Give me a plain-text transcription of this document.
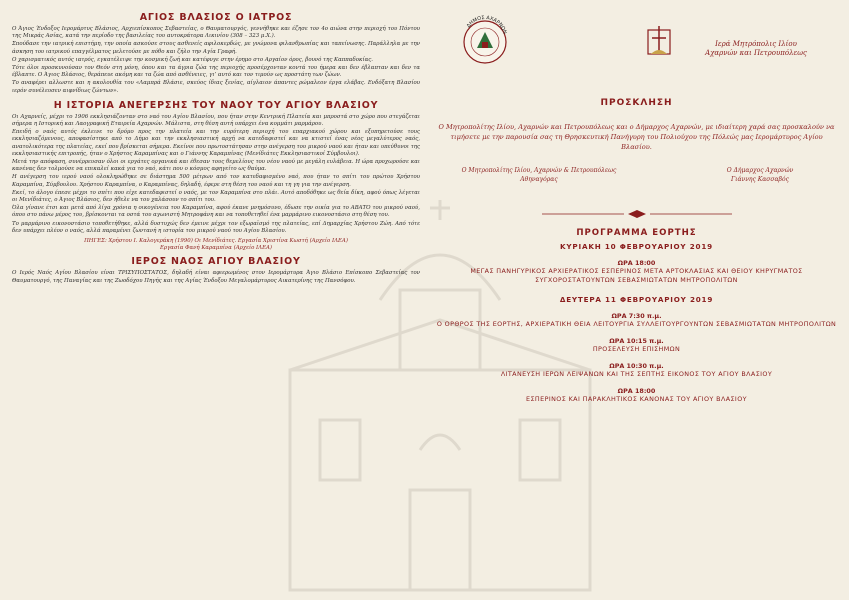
ΑΓΙΟΣ ΒΛΑΣΙΟΣ Ο ΙΑΤΡΟΣ

Ο Άγιος Ένδοξος Ιερομάρτυς Βλάσιος, Αρχιεπίσκοπος Σεβαστείας, ο Θαυματουργός, γεννήθηκε και έζησε τον 4ο αιώνα στην περιοχή του Πόντου της Μικράς Ασίας, κατά την περίοδο της βασιλείας του αυτοκράτορα Λικινίου (308 – 323 μ.Χ.).

Σπούδασε την ιατρική επιστήμη, την οποία ασκούσε στους ασθενείς αφιλοκερδώς, με γνώμονα φιλανθρωπίας και ταπείνωσης. Παράλληλα με την άσκηση του ιατρικού επαγγέλματος μελετούσε με πόθο και ζήλο την Αγία Γραφή.

Ο χαρισματικός αυτός ιατρός, εγκατέλειψε την κοσμική ζωή και κατέφυγε στην έρημο στο Αργαίον όρος, βουνό της Καππαδοκίας.

Τότε όλοι προσκυνούσαν τον Θεόν στη μόνη, όπου και τα άγρια ζώα της περιοχής προσέρχονταν κοντά του ήμερα και δεν έβλαπταν και δεν τα έβλαπτε. Ο Άγιος Βλάσιος, θεράπευε ακόμη και τα ζώα από ασθένειες, γι’ αυτό και τον τιμούν ως προστάτη των ζώων.

Το αναφέρει αλλωστε και η ακολουθία του «Λαμπρά Βλάσιε, σκεύος ίδιας ξενίας, αίγλαιον άπαντες ρώμαλεον έργα ελάβας. Ενδόξατη Βλασίου ιερόν συνέλευσεν αιφνίδιως ζώντων».

Η ΙΣΤΟΡΙΑ ΑΝΕΓΕΡΣΗΣ ΤΟΥ ΝΑΟΥ ΤΟΥ ΑΓΙΟΥ ΒΛΑΣΙΟΥ

Οι Αχαρνείς, μέχρι το 1906 εκκλησιάζονταν στο ναό του Αγίου Βλασίου, που ήταν στην Κεντρική Πλατεία και μπροστά στο χώρο που στεγάζεται σήμερα η Ιστορική και Λαογραφική Εταιρεία Αχαρνών. Μάλιστα, στη θέση αυτή υπάρχει ένα κομμάτι μαρμάρου.

Επειδή ο ναός αυτός έκλεινε το δρόμο προς την πλατεία και την ευρύτερη περιοχή του επαρχιακού χώρου και εξυπηρετούσε τους εκκλησιαζόμενους, αποφασίστηκε από το Δήμο και την εκκλησιαστική αρχή να κατεδαφιστεί και να κτιστεί ένας νέος μεγαλύτερος ναός, ανατολικότερα της πλατείας, εκεί που βρίσκεται σήμερα. Εκείνοι που πρωτοστάτησαν στην ανέγερση του μικρού ναού και ήταν και υπεύθυνοι της εκκλησιαστικής επιτροπής, ήταν ο Χρήστος Καραμπίνας και ο Γιάννης Καραμπίνας (Μενίδιάτες Εκκλησιαστικοί Σύμβουλοι).

Μετά την απόφαση, συνέρρευσαν όλοι οι εργάτες οργανικά και έθεσαν τους θεμελίους του νέου ναού με μεγάλη ευλάβεια. Η ώρα προχωρούσε και κανένας δεν τολμούσε να επικαλεί κακά για το ναό, κάτι που ο κόσμος αφηγείτο ως θαύμα.

Η ανέγερση του ιερού ναού ολοκληρώθηκε σε διάστημα 500 μέτρων από τον κατεδαφισμένο ναό, που ήταν το σπίτι του πρώτου Χρήστου Καραμπίνα, Σύμβουλου. Χρήστου Καραμπίνα, ο Καραμπίνας, δηλαδή, έφερε στη θέση του ναού και τη γη για την ανέγερση.

Εκεί, το άλογο έπεσε μέχρι το σπίτι που είχε κατεδαφιστεί ο ναός, με τον Καραμπίνα στο πλάι. Αυτό αποδόθηκε ως θεία δίκη, αφού όπως λέγεται οι Μενίδιάτες, ο Άγιος Βλάσιος, δεν ήθελε να του χαλάσουν το σπίτι του.

Όλα γίνανε έτσι και μετά από λίγα χρόνια η οικογένεια του Καραμπίνα, αφού έκανε μνημόσυνο, έδωσε την οικία για το ΑΒΑΤΟ του μικρού ναού, όπου στο πάνω μέρος του, βρίσκονται τα οστά του αγωνιστή Μητροφάνη και να τοποθετηθεί ένα μαρμάρινο εικονοστάσιο στη θέση του.

Το μαρμάρινο εικονοστάσιο τοποθετήθηκε, αλλά δυστυχώς δεν έμεινε μέχρι τον εξωραϊσμό της πλατείας, επί Δημαρχίας Χρήστου Ζώη. Από τότε δεν υπάρχει πλέον ο ναός, αλλά παραμένει ζωντανή η ιστορία του μικρού ναού του Αγίου Βλασίου.

ΠΗΓΕΣ: Χρήστου Ι. Καλογεράκη (1990) Οι Μενίδιάτες. Εργασία Χριστίνα Κωστή (Αρχείο ΙΛΕΑ)
Εργασία Φανή Καραμπίνα (Αρχείο ΙΛΕΑ)
ΙΕΡΟΣ ΝΑΟΣ ΑΓΙΟΥ ΒΛΑΣΙΟΥ

Ο Ιερός Ναός Αγίου Βλασίου είναι ΤΡΙΣΥΠΟΣΤΑΤΟΣ, δηλαδή είναι αφιερωμένος στον Ιερομάρτυρα Άγιο Βλάσιο Επίσκοπο Σεβαστείας τον Θαυματουργό, της Παναγίας και της Ζωοδόχου Πηγής και της Αγίας Ένδοξου Μεγαλομάρτυρος Αικατερίνης της Πανσόφου.

ΔΗΜΟΣ ΑΧΑΡΝΩΝ
Ιερά Μητρόπολις Ιλίου
Αχαρνών και Πετρουπόλεως
ΠΡΟΣΚΛΗΣΗ

Ο Μητροπολίτης Ιλίου, Αχαρνών και Πετρουπόλεως και ο Δήμαρχος Αχαρνών, με ιδιαίτερη χαρά σας προσκαλούν να τιμήσετε με την παρουσία σας τη Θρησκευτική Πανήγυρη του Πολιούχου της Πόλεώς μας Ιερομάρτυρος Αγίου Βλασίου.

Ο Μητροπολίτης Ιλίου, Αχαρνών & Πετρουπόλεως
Αθηναγόρας
Ο Δήμαρχος Αχαρνών
Γιάννης Κασσαβός
ΠΡΟΓΡΑΜΜΑ ΕΟΡΤΗΣ
ΚΥΡΙΑΚΗ 10 ΦΕΒΡΟΥΑΡΙΟΥ 2019
ΩΡΑ 18:00
ΜΕΓΑΣ ΠΑΝΗΓΥΡΙΚΟΣ ΑΡΧΙΕΡΑΤΙΚΟΣ ΕΣΠΕΡΙΝΟΣ ΜΕΤΑ ΑΡΤΟΚΛΑΣΙΑΣ ΚΑΙ ΘΕΙΟΥ ΚΗΡΥΓΜΑΤΟΣ ΣΥΓΧΟΡΟΣΤΑΤΟΥΝΤΩΝ ΣΕΒΑΣΜΙΩΤΑΤΩΝ ΜΗΤΡΟΠΟΛΙΤΩΝ
ΔΕΥΤΕΡΑ 11 ΦΕΒΡΟΥΑΡΙΟΥ 2019
ΩΡΑ 7:30 π.μ.
Ο ΟΡΘΡΟΣ ΤΗΣ ΕΟΡΤΗΣ, ΑΡΧΙΕΡΑΤΙΚΗ ΘΕΙΑ ΛΕΙΤΟΥΡΓΙΑ ΣΥΛΛΕΙΤΟΥΡΓΟΥΝΤΩΝ ΣΕΒΑΣΜΙΩΤΑΤΩΝ ΜΗΤΡΟΠΟΛΙΤΩΝ
ΩΡΑ 10:15 π.μ.
ΠΡΟΣΕΛΕΥΣΗ ΕΠΙΣΗΜΩΝ
ΩΡΑ 10:30 π.μ.
ΛΙΤΑΝΕΥΣΗ ΙΕΡΩΝ ΛΕΙΨΑΝΩΝ ΚΑΙ ΤΗΣ ΣΕΠΤΗΣ ΕΙΚΟΝΟΣ ΤΟΥ ΑΓΙΟΥ ΒΛΑΣΙΟΥ
ΩΡΑ 18:00
ΕΣΠΕΡΙΝΟΣ ΚΑΙ ΠΑΡΑΚΛΗΤΙΚΟΣ ΚΑΝΟΝΑΣ ΤΟΥ ΑΓΙΟΥ ΒΛΑΣΙΟΥ
